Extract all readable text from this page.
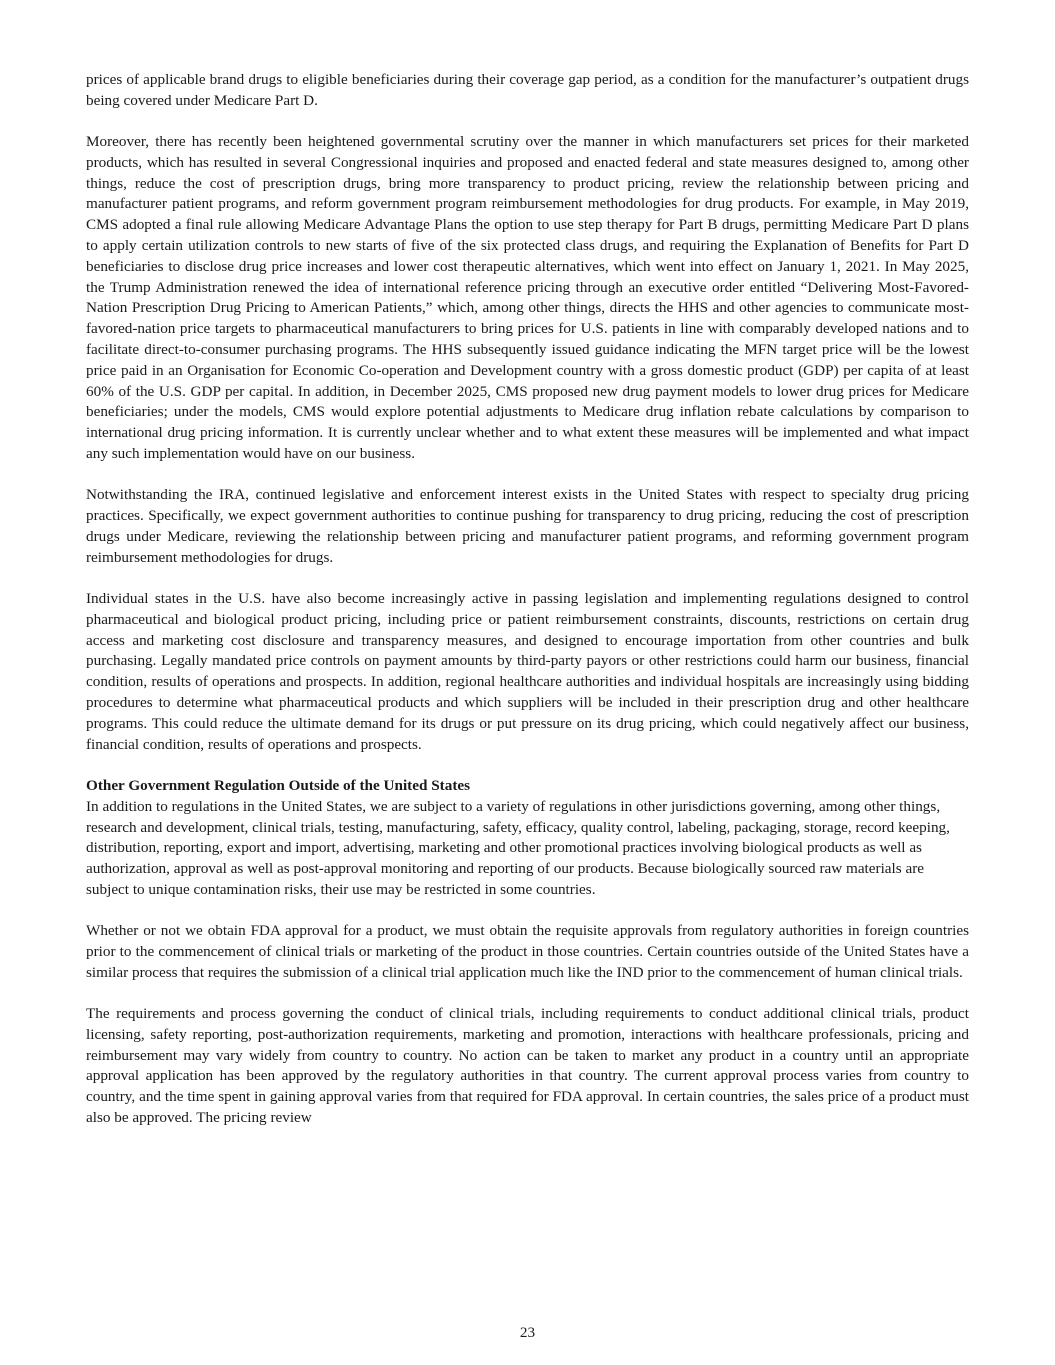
prices of applicable brand drugs to eligible beneficiaries during their coverage gap period, as a condition for the manufacturer’s outpatient drugs being covered under Medicare Part D.

Moreover, there has recently been heightened governmental scrutiny over the manner in which manufacturers set prices for their marketed products, which has resulted in several Congressional inquiries and proposed and enacted federal and state measures designed to, among other things, reduce the cost of prescription drugs, bring more transparency to product pricing, review the relationship between pricing and manufacturer patient programs, and reform government program reimbursement methodologies for drug products. For example, in May 2019, CMS adopted a final rule allowing Medicare Advantage Plans the option to use step therapy for Part B drugs, permitting Medicare Part D plans to apply certain utilization controls to new starts of five of the six protected class drugs, and requiring the Explanation of Benefits for Part D beneficiaries to disclose drug price increases and lower cost therapeutic alternatives, which went into effect on January 1, 2021. In May 2025, the Trump Administration renewed the idea of international reference pricing through an executive order entitled “Delivering Most-Favored-Nation Prescription Drug Pricing to American Patients,” which, among other things, directs the HHS and other agencies to communicate most-favored-nation price targets to pharmaceutical manufacturers to bring prices for U.S. patients in line with comparably developed nations and to facilitate direct-to-consumer purchasing programs. The HHS subsequently issued guidance indicating the MFN target price will be the lowest price paid in an Organisation for Economic Co-operation and Development country with a gross domestic product (GDP) per capita of at least 60% of the U.S. GDP per capital. In addition, in December 2025, CMS proposed new drug payment models to lower drug prices for Medicare beneficiaries; under the models, CMS would explore potential adjustments to Medicare drug inflation rebate calculations by comparison to international drug pricing information. It is currently unclear whether and to what extent these measures will be implemented and what impact any such implementation would have on our business.

Notwithstanding the IRA, continued legislative and enforcement interest exists in the United States with respect to specialty drug pricing practices. Specifically, we expect government authorities to continue pushing for transparency to drug pricing, reducing the cost of prescription drugs under Medicare, reviewing the relationship between pricing and manufacturer patient programs, and reforming government program reimbursement methodologies for drugs.

Individual states in the U.S. have also become increasingly active in passing legislation and implementing regulations designed to control pharmaceutical and biological product pricing, including price or patient reimbursement constraints, discounts, restrictions on certain drug access and marketing cost disclosure and transparency measures, and designed to encourage importation from other countries and bulk purchasing. Legally mandated price controls on payment amounts by third-party payors or other restrictions could harm our business, financial condition, results of operations and prospects. In addition, regional healthcare authorities and individual hospitals are increasingly using bidding procedures to determine what pharmaceutical products and which suppliers will be included in their prescription drug and other healthcare programs. This could reduce the ultimate demand for its drugs or put pressure on its drug pricing, which could negatively affect our business, financial condition, results of operations and prospects.

Other Government Regulation Outside of the United States

In addition to regulations in the United States, we are subject to a variety of regulations in other jurisdictions governing, among other things, research and development, clinical trials, testing, manufacturing, safety, efficacy, quality control, labeling, packaging, storage, record keeping, distribution, reporting, export and import, advertising, marketing and other promotional practices involving biological products as well as authorization, approval as well as post-approval monitoring and reporting of our products. Because biologically sourced raw materials are subject to unique contamination risks, their use may be restricted in some countries.

Whether or not we obtain FDA approval for a product, we must obtain the requisite approvals from regulatory authorities in foreign countries prior to the commencement of clinical trials or marketing of the product in those countries. Certain countries outside of the United States have a similar process that requires the submission of a clinical trial application much like the IND prior to the commencement of human clinical trials.

The requirements and process governing the conduct of clinical trials, including requirements to conduct additional clinical trials, product licensing, safety reporting, post-authorization requirements, marketing and promotion, interactions with healthcare professionals, pricing and reimbursement may vary widely from country to country. No action can be taken to market any product in a country until an appropriate approval application has been approved by the regulatory authorities in that country. The current approval process varies from country to country, and the time spent in gaining approval varies from that required for FDA approval. In certain countries, the sales price of a product must also be approved. The pricing review

23
